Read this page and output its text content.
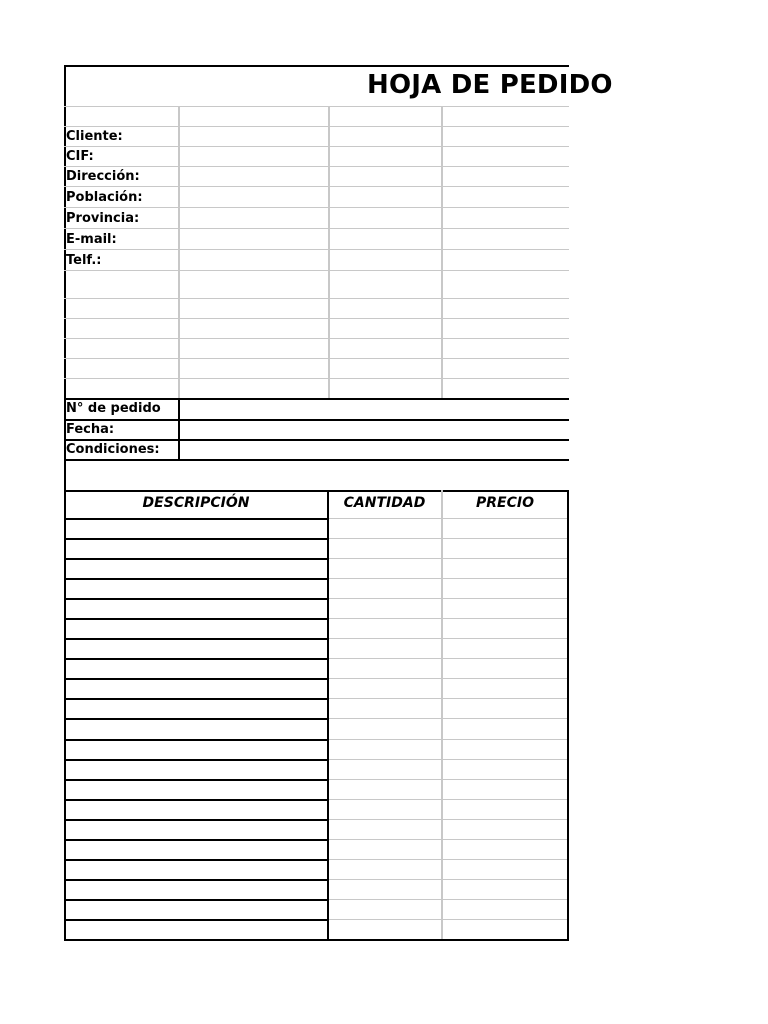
HOJA DE PEDIDO
Cliente:
CIF:
Dirección:
Población:
Provincia:
E-mail:
Telf.:
N° de pedido
Fecha:
Condiciones:
DESCRIPCIÓN	CANTIDAD	PRECIO
